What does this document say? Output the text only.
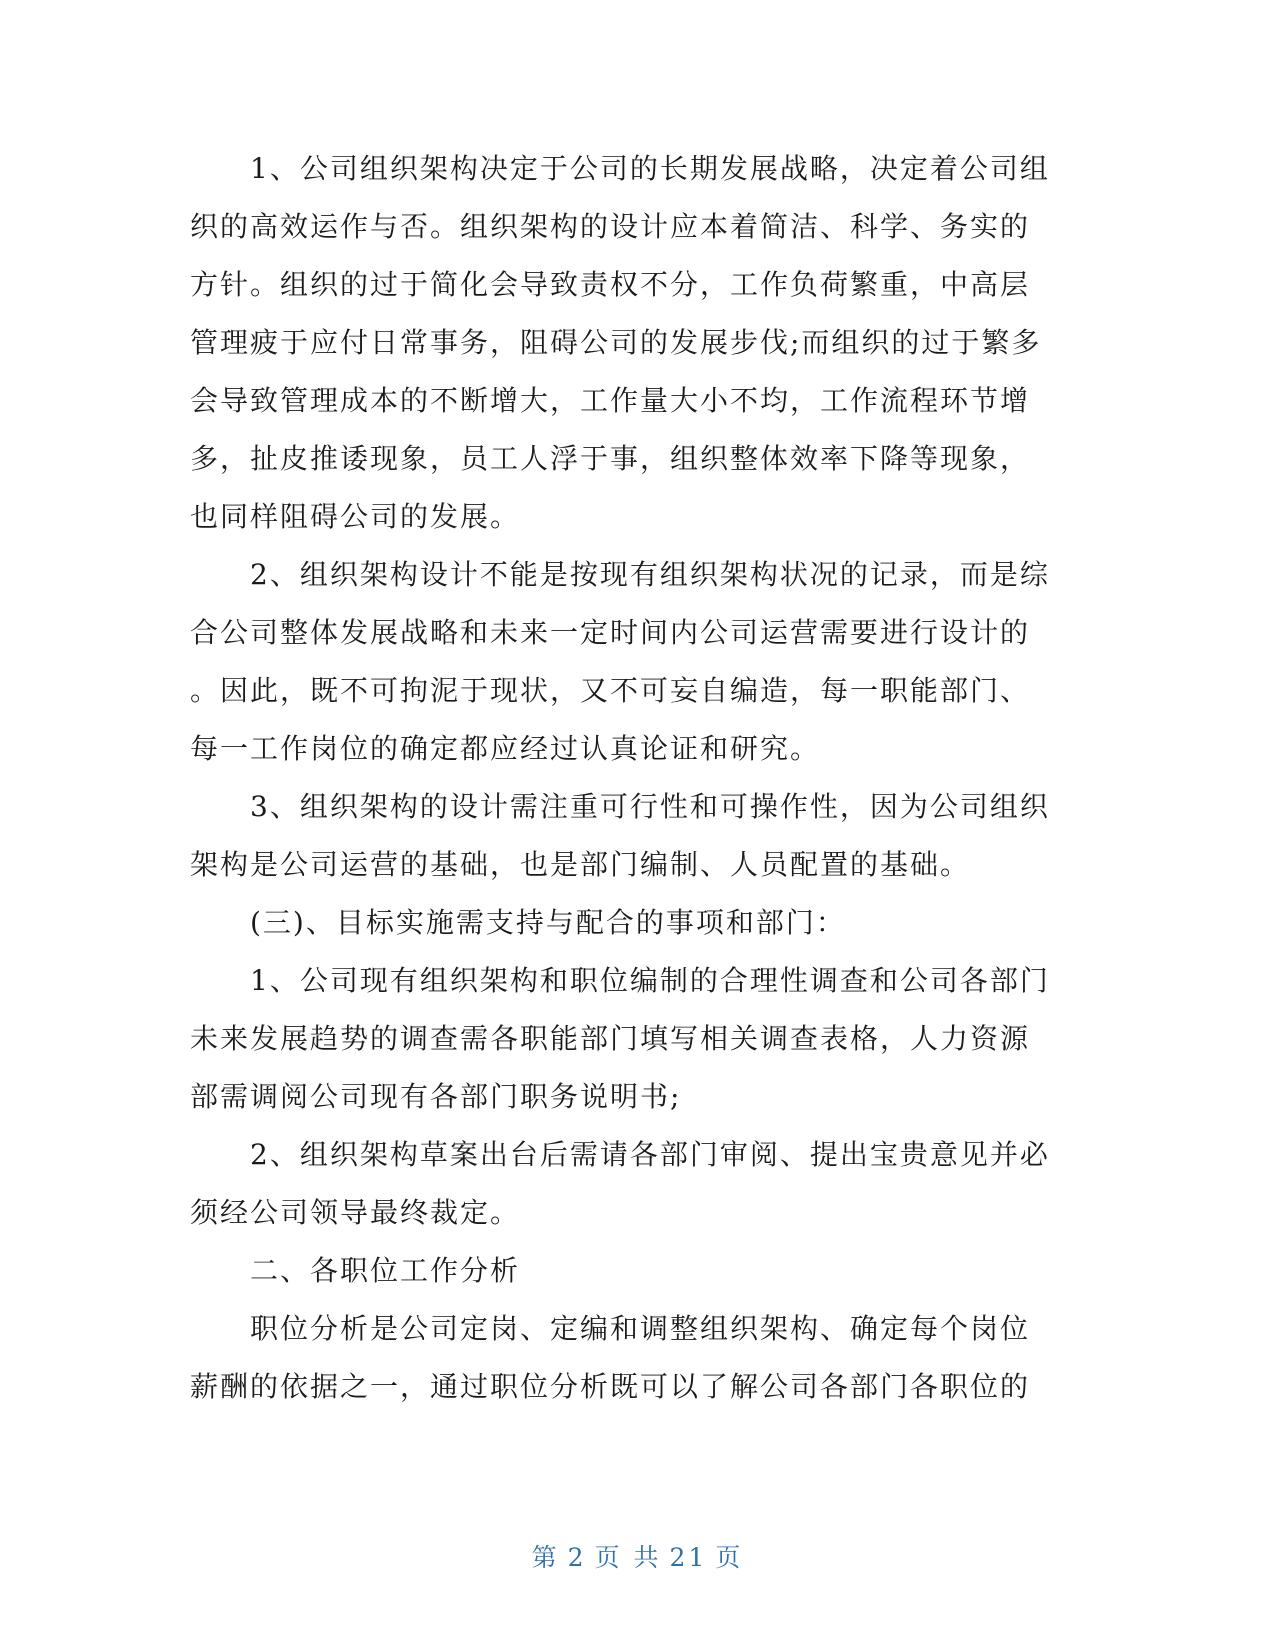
1、公司组织架构决定于公司的长期发展战略，决定着公司组
织的高效运作与否。组织架构的设计应本着简洁、科学、务实的
方针。组织的过于简化会导致责权不分，工作负荷繁重，中高层
管理疲于应付日常事务，阻碍公司的发展步伐;而组织的过于繁多
会导致管理成本的不断增大，工作量大小不均，工作流程环节增
多，扯皮推诿现象，员工人浮于事，组织整体效率下降等现象，
也同样阻碍公司的发展。
2、组织架构设计不能是按现有组织架构状况的记录，而是综
合公司整体发展战略和未来一定时间内公司运营需要进行设计的
。因此，既不可拘泥于现状，又不可妄自编造，每一职能部门、
每一工作岗位的确定都应经过认真论证和研究。
3、组织架构的设计需注重可行性和可操作性，因为公司组织
架构是公司运营的基础，也是部门编制、人员配置的基础。
(三)、目标实施需支持与配合的事项和部门：
1、公司现有组织架构和职位编制的合理性调查和公司各部门
未来发展趋势的调查需各职能部门填写相关调查表格，人力资源
部需调阅公司现有各部门职务说明书;
2、组织架构草案出台后需请各部门审阅、提出宝贵意见并必
须经公司领导最终裁定。
二、各职位工作分析
职位分析是公司定岗、定编和调整组织架构、确定每个岗位
薪酬的依据之一，通过职位分析既可以了解公司各部门各职位的
第 2 页 共 21 页
